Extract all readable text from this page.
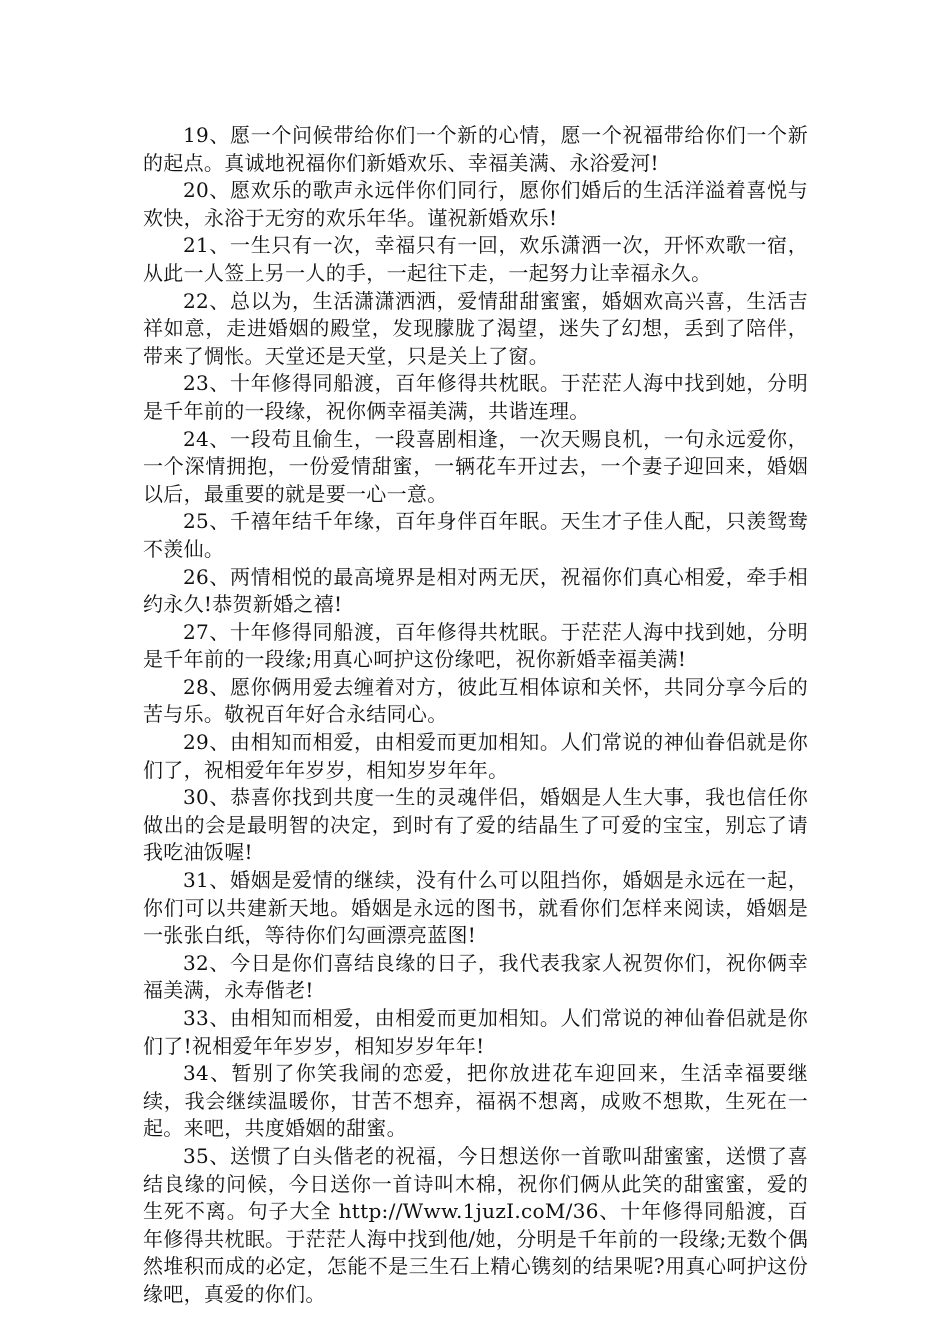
19、愿一个问候带给你们一个新的心情，愿一个祝福带给你们一个新的起点。真诚地祝福你们新婚欢乐、幸福美满、永浴爱河!

20、愿欢乐的歌声永远伴你们同行，愿你们婚后的生活洋溢着喜悦与欢快，永浴于无穷的欢乐年华。谨祝新婚欢乐!

21、一生只有一次，幸福只有一回，欢乐潇洒一次，开怀欢歌一宿，从此一人签上另一人的手，一起往下走，一起努力让幸福永久。

22、总以为，生活潇潇洒洒，爱情甜甜蜜蜜，婚姻欢高兴喜，生活吉祥如意，走进婚姻的殿堂，发现朦胧了渴望，迷失了幻想，丢到了陪伴，带来了惆怅。天堂还是天堂，只是关上了窗。

23、十年修得同船渡，百年修得共枕眠。于茫茫人海中找到她，分明是千年前的一段缘，祝你俩幸福美满，共谐连理。

24、一段苟且偷生，一段喜剧相逢，一次天赐良机，一句永远爱你，一个深情拥抱，一份爱情甜蜜，一辆花车开过去，一个妻子迎回来，婚姻以后，最重要的就是要一心一意。

25、千禧年结千年缘，百年身伴百年眠。天生才子佳人配，只羡鸳鸯不羡仙。

26、两情相悦的最高境界是相对两无厌，祝福你们真心相爱，牵手相约永久!恭贺新婚之禧!

27、十年修得同船渡，百年修得共枕眠。于茫茫人海中找到她，分明是千年前的一段缘;用真心呵护这份缘吧，祝你新婚幸福美满!

28、愿你俩用爱去缠着对方，彼此互相体谅和关怀，共同分享今后的苦与乐。敬祝百年好合永结同心。

29、由相知而相爱，由相爱而更加相知。人们常说的神仙眷侣就是你们了，祝相爱年年岁岁，相知岁岁年年。

30、恭喜你找到共度一生的灵魂伴侣，婚姻是人生大事，我也信任你做出的会是最明智的决定，到时有了爱的结晶生了可爱的宝宝，别忘了请我吃油饭喔!

31、婚姻是爱情的继续，没有什么可以阻挡你，婚姻是永远在一起，你们可以共建新天地。婚姻是永远的图书，就看你们怎样来阅读，婚姻是一张张白纸，等待你们勾画漂亮蓝图!

32、今日是你们喜结良缘的日子，我代表我家人祝贺你们，祝你俩幸福美满，永寿偕老!

33、由相知而相爱，由相爱而更加相知。人们常说的神仙眷侣就是你们了!祝相爱年年岁岁，相知岁岁年年!

34、暂别了你笑我闹的恋爱，把你放进花车迎回来，生活幸福要继续，我会继续温暖你，甘苦不想弃，福祸不想离，成败不想欺，生死在一起。来吧，共度婚姻的甜蜜。

35、送惯了白头偕老的祝福，今日想送你一首歌叫甜蜜蜜，送惯了喜结良缘的问候，今日送你一首诗叫木棉，祝你们俩从此笑的甜蜜蜜，爱的生死不离。句子大全 http://Www.1juzI.coM/36、十年修得同船渡，百年修得共枕眠。于茫茫人海中找到他/她，分明是千年前的一段缘;无数个偶然堆积而成的必定，怎能不是三生石上精心镌刻的结果呢?用真心呵护这份缘吧，真爱的你们。
